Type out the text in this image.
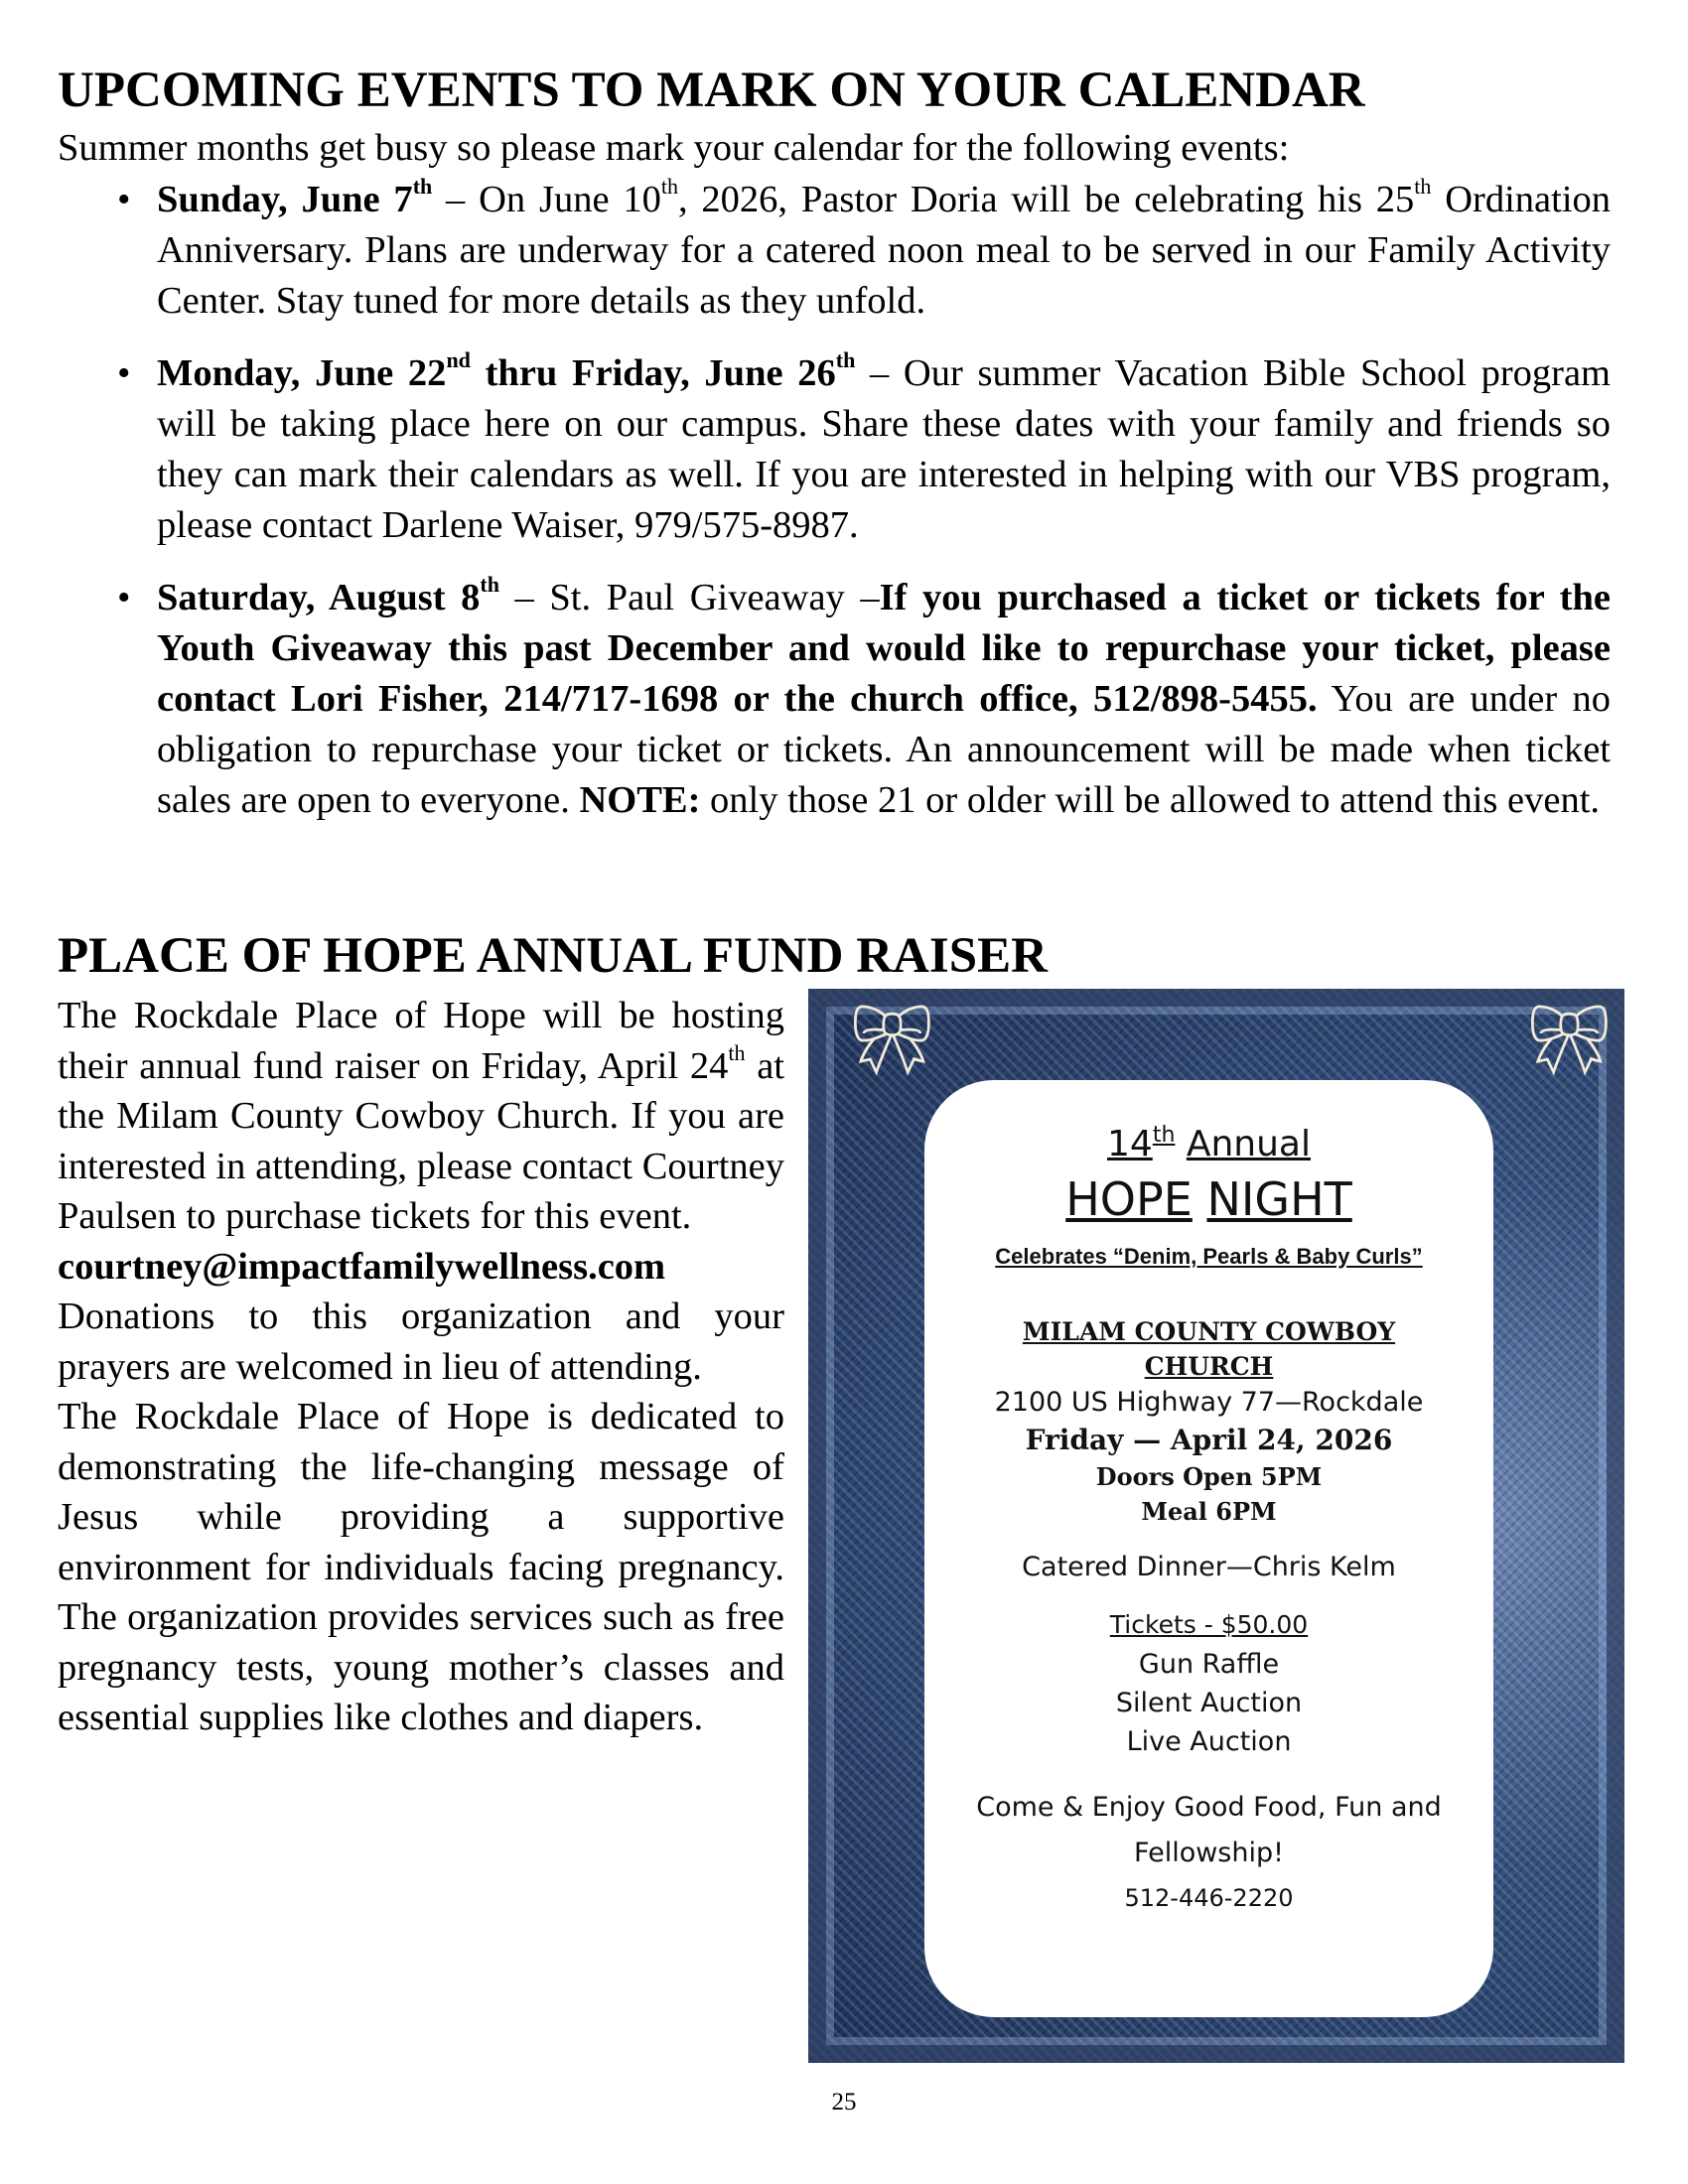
UPCOMING EVENTS TO MARK ON YOUR CALENDAR
Summer months get busy so please mark your calendar for the following events:
• Sunday, June 7th – On June 10th, 2026, Pastor Doria will be celebrating his 25th Ordination Anniversary. Plans are underway for a catered noon meal to be served in our Family Activity Center. Stay tuned for more details as they unfold.
• Monday, June 22nd thru Friday, June 26th – Our summer Vacation Bible School program will be taking place here on our campus. Share these dates with your family and friends so they can mark their calendars as well. If you are interested in helping with our VBS program, please contact Darlene Waiser, 979/575-8987.
• Saturday, August 8th – St. Paul Giveaway –If you purchased a ticket or tickets for the Youth Giveaway this past December and would like to repurchase your ticket, please contact Lori Fisher, 214/717-1698 or the church office, 512/898-5455. You are under no obligation to repurchase your ticket or tickets. An announcement will be made when ticket sales are open to everyone. NOTE: only those 21 or older will be allowed to attend this event.
PLACE OF HOPE ANNUAL FUND RAISER

The Rockdale Place of Hope will be hosting their annual fund raiser on Friday, April 24th at the Milam County Cowboy Church. If you are interested in attending, please contact Courtney Paulsen to purchase tickets for this event.

courtney@impactfamilywellness.com

Donations to this organization and your prayers are welcomed in lieu of attending.

The Rockdale Place of Hope is dedicated to demonstrating the life-changing message of Jesus while providing a supportive environment for individuals facing pregnancy. The organization provides services such as free pregnancy tests, young mother’s classes and essential supplies like clothes and diapers.

🎀︎	🎀︎
14th Annual
HOPE NIGHT
Celebrates “Denim, Pearls & Baby Curls”
MILAM COUNTY COWBOY
CHURCH
2100 US Highway 77—Rockdale
Friday — April 24, 2026
Doors Open 5PM
Meal 6PM
Catered Dinner—Chris Kelm
Tickets - $50.00
Gun Raffle
Silent Auction
Live Auction
Come & Enjoy Good Food, Fun and Fellowship!
512-446-2220
25
